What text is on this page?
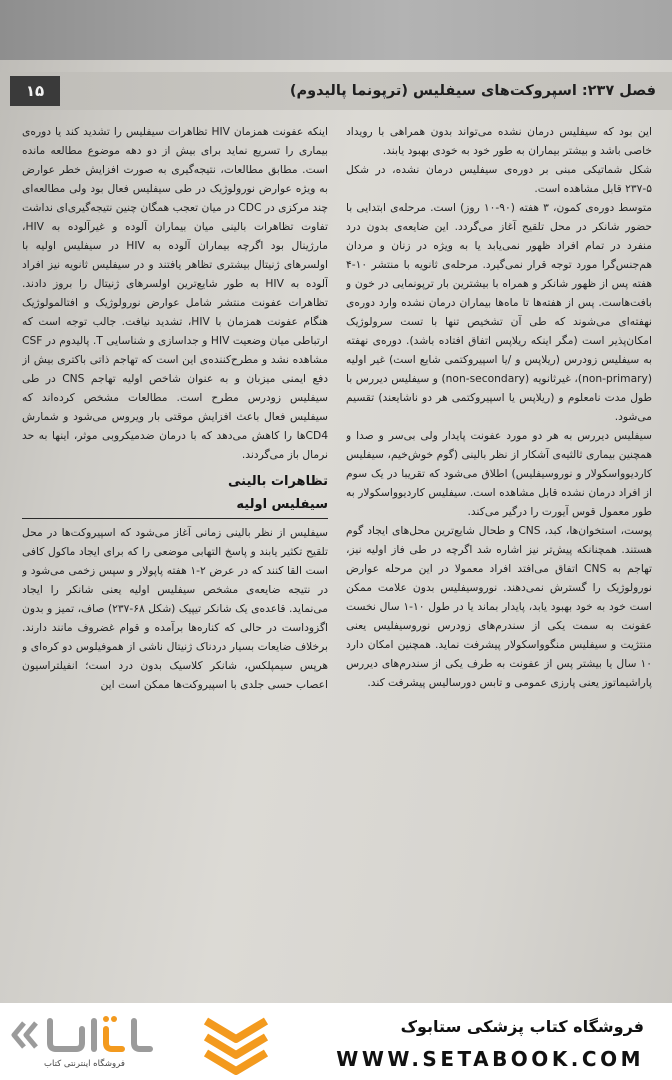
۱۵	فصل ۲۳۷: اسپروکت‌های سیفلیس (ترپونما پالیدوم)

این بود که سیفلیس درمان نشده می‌تواند بدون همراهی با رویداد خاصی باشد و بیشتر بیماران به طور خود به خودی بهبود یابند.

شکل شماتیکی مبنی بر دوره‌ی سیفلیس درمان نشده، در شکل ۵-۲۳۷ قابل مشاهده است.

متوسط دوره‌ی کمون، ۳ هفته (۹۰-۱۰ روز) است. مرحله‌ی ابتدایی با حضور شانکر در محل تلقیح آغاز می‌گردد. این ضایعه‌ی بدون درد منفرد در تمام افراد ظهور نمی‌یابد یا به ویژه در زنان و مردان هم‌جنس‌گرا مورد توجه قرار نمی‌گیرد. مرحله‌ی ثانویه با منتشر ۱۰-۴ هفته پس از ظهور شانکر و همراه با بیشترین بار ترپونمایی در خون و بافت‌هاست. پس از هفته‌ها تا ماه‌ها بیماران درمان نشده وارد دوره‌ی نهفته‌ای می‌شوند که طی آن تشخیص تنها با تست سرولوژیک امکان‌پذیر است (مگر اینکه ریلاپس اتفاق افتاده باشد). دوره‌ی نهفته به سیفلیس زودرس (ریلاپس و /یا اسپیروکتمی شایع است) غیر اولیه (non-primary)، غیرثانویه (non-secondary) و سیفلیس دیررس با طول مدت نامعلوم و (ریلاپس یا اسپیروکتمی هر دو ناشایعند) تقسیم می‌شود.

سیفلیس دیررس به هر دو مورد عفونت پایدار ولی بی‌سر و صدا و همچنین بیماری ثالثیه‌ی آشکار از نظر بالینی (گوم خوش‌خیم، سیفلیس کاردیوواسکولار و نوروسیفلیس) اطلاق می‌شود که تقریبا در یک سوم از افراد درمان نشده قابل مشاهده است. سیفلیس کاردیوواسکولار به طور معمول قوس آیورت را درگیر می‌کند.

پوست، استخوان‌ها، کبد، CNS و طحال شایع‌ترین محل‌های ایجاد گوم هستند. همچنانکه پیش‌تر نیز اشاره شد اگرچه در طی فاز اولیه نیز، تهاجم به CNS اتفاق می‌افتد افراد معمولا در این مرحله عوارض نورولوژیک را گسترش نمی‌دهند. نوروسیفلیس بدون علامت ممکن است خود به خود بهبود یابد، پایدار بماند یا در طول ۱۰-۱ سال نخست عفونت به سمت یکی از سندرم‌های زودرس نوروسیفلیس یعنی منتژیت و سیفلیس منگوواسکولار پیشرفت نماید. همچنین امکان دارد ۱۰ سال یا بیشتر پس از عفونت به طرف یکی از سندرم‌های دیررس پاراشیماتوز یعنی پارزی عمومی و تابس دورسالیس پیشرفت کند.

اینکه عفونت همزمان HIV تظاهرات سیفلیس را تشدید کند یا دوره‌ی بیماری را تسریع نماید برای بیش از دو دهه موضوع مطالعه مانده است. مطابق مطالعات، نتیجه‌گیری به صورت افزایش خطر عوارض به ویژه عوارض نورولوژیک در طی سیفلیس فعال بود ولی مطالعه‌ای چند مرکزی در CDC در میان تعجب همگان چنین نتیجه‌گیری‌ای نداشت تفاوت تظاهرات بالینی میان بیماران آلوده و غیرآلوده به HIV، مارژینال بود اگرچه بیماران آلوده به HIV در سیفلیس اولیه با اولسرهای ژنیتال بیشتری تظاهر یافتند و در سیفلیس ثانویه نیز افراد آلوده به HIV به طور شایع‌ترین اولسرهای ژنیتال را بروز دادند. تظاهرات عفونت منتشر شامل عوارض نورولوژیک و افتالمولوژیک هنگام عفونت همزمان با HIV، تشدید نیافت. جالب توجه است که ارتباطی میان وضعیت HIV و جداسازی و شناسایی T. پالیدوم در CSF مشاهده نشد و مطرح‌کننده‌ی این است که تهاجم ذاتی باکتری بیش از دفع ایمنی میزبان و به عنوان شاخص اولیه تهاجم CNS در طی سیفلیس زودرس مطرح است. مطالعات مشخص کرده‌اند که سیفلیس فعال باعث افزایش موقتی بار ویروس می‌شود و شمارش CD4ها را کاهش می‌دهد که با درمان ضدمیکروبی موثر، اینها به حد نرمال باز می‌گردند.

تظاهرات بالینی
سیفلیس اولیه

سیفلیس از نظر بالینی زمانی آغاز می‌شود که اسپیروکت‌ها در محل تلقیح تکثیر یابند و پاسخ التهابی موضعی را که برای ایجاد ماکول کافی است القا کنند که در عرض ۲-۱ هفته پاپولار و سپس زخمی می‌شود و در نتیجه ضایعه‌ی مشخص سیفلیس اولیه یعنی شانکر را ایجاد می‌نماید. قاعده‌ی یک شانکر تیپیک (شکل ۶۸-۲۳۷) صاف، تمیز و بدون اگزوداست در حالی که کناره‌ها برآمده و قوام غضروف مانند دارند. برخلاف ضایعات بسیار دردناک ژنیتال ناشی از هموفیلوس دو کره‌ای و هرپس سیمپلکس، شانکر کلاسیک بدون درد است؛ انفیلتراسیون اعصاب حسی جلدی با اسپیروکت‌ها ممکن است این

فروشگاه اینترنتی کتاب
فروشگاه کتاب پزشکی ستابوک
WWW.SETABOOK.COM
